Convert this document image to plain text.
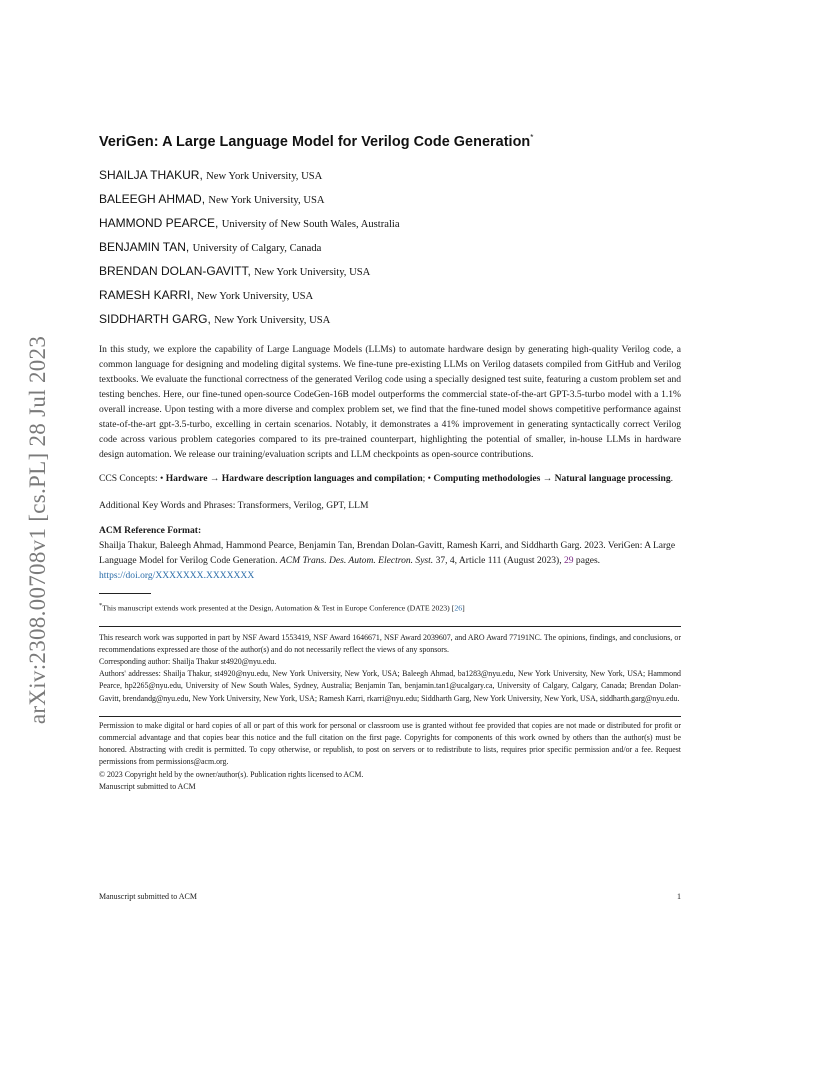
arXiv:2308.00708v1 [cs.PL] 28 Jul 2023
VeriGen: A Large Language Model for Verilog Code Generation*
SHAILJA THAKUR, New York University, USA
BALEEGH AHMAD, New York University, USA
HAMMOND PEARCE, University of New South Wales, Australia
BENJAMIN TAN, University of Calgary, Canada
BRENDAN DOLAN-GAVITT, New York University, USA
RAMESH KARRI, New York University, USA
SIDDHARTH GARG, New York University, USA

In this study, we explore the capability of Large Language Models (LLMs) to automate hardware design by generating high-quality Verilog code, a common language for designing and modeling digital systems. We fine-tune pre-existing LLMs on Verilog datasets compiled from GitHub and Verilog textbooks. We evaluate the functional correctness of the generated Verilog code using a specially designed test suite, featuring a custom problem set and testing benches. Here, our fine-tuned open-source CodeGen-16B model outperforms the commercial state-of-the-art GPT-3.5-turbo model with a 1.1% overall increase. Upon testing with a more diverse and complex problem set, we find that the fine-tuned model shows competitive performance against state-of-the-art gpt-3.5-turbo, excelling in certain scenarios. Notably, it demonstrates a 41% improvement in generating syntactically correct Verilog code across various problem categories compared to its pre-trained counterpart, highlighting the potential of smaller, in-house LLMs in hardware design automation. We release our training/evaluation scripts and LLM checkpoints as open-source contributions.

CCS Concepts: • Hardware → Hardware description languages and compilation; • Computing methodologies → Natural language processing.

Additional Key Words and Phrases: Transformers, Verilog, GPT, LLM

ACM Reference Format:
Shailja Thakur, Baleegh Ahmad, Hammond Pearce, Benjamin Tan, Brendan Dolan-Gavitt, Ramesh Karri, and Siddharth Garg. 2023. VeriGen: A Large Language Model for Verilog Code Generation. ACM Trans. Des. Autom. Electron. Syst. 37, 4, Article 111 (August 2023), 29 pages. https://doi.org/XXXXXXX.XXXXXXX
*This manuscript extends work presented at the Design, Automation & Test in Europe Conference (DATE 2023) [26]
This research work was supported in part by NSF Award 1553419, NSF Award 1646671, NSF Award 2039607, and ARO Award 77191NC. The opinions, findings, and conclusions, or recommendations expressed are those of the author(s) and do not necessarily reflect the views of any sponsors.
Corresponding author: Shailja Thakur st4920@nyu.edu.
Authors' addresses: Shailja Thakur, st4920@nyu.edu, New York University, New York, USA; Baleegh Ahmad, ba1283@nyu.edu, New York University, New York, USA; Hammond Pearce, hp2265@nyu.edu, University of New South Wales, Sydney, Australia; Benjamin Tan, benjamin.tan1@ucalgary.ca, University of Calgary, Calgary, Canada; Brendan Dolan-Gavitt, brendandg@nyu.edu, New York University, New York, USA; Ramesh Karri, rkarri@nyu.edu; Siddharth Garg, New York University, New York, USA, siddharth.garg@nyu.edu.
Permission to make digital or hard copies of all or part of this work for personal or classroom use is granted without fee provided that copies are not made or distributed for profit or commercial advantage and that copies bear this notice and the full citation on the first page. Copyrights for components of this work owned by others than the author(s) must be honored. Abstracting with credit is permitted. To copy otherwise, or republish, to post on servers or to redistribute to lists, requires prior specific permission and/or a fee. Request permissions from permissions@acm.org.
© 2023 Copyright held by the owner/author(s). Publication rights licensed to ACM.
Manuscript submitted to ACM
Manuscript submitted to ACM	1
